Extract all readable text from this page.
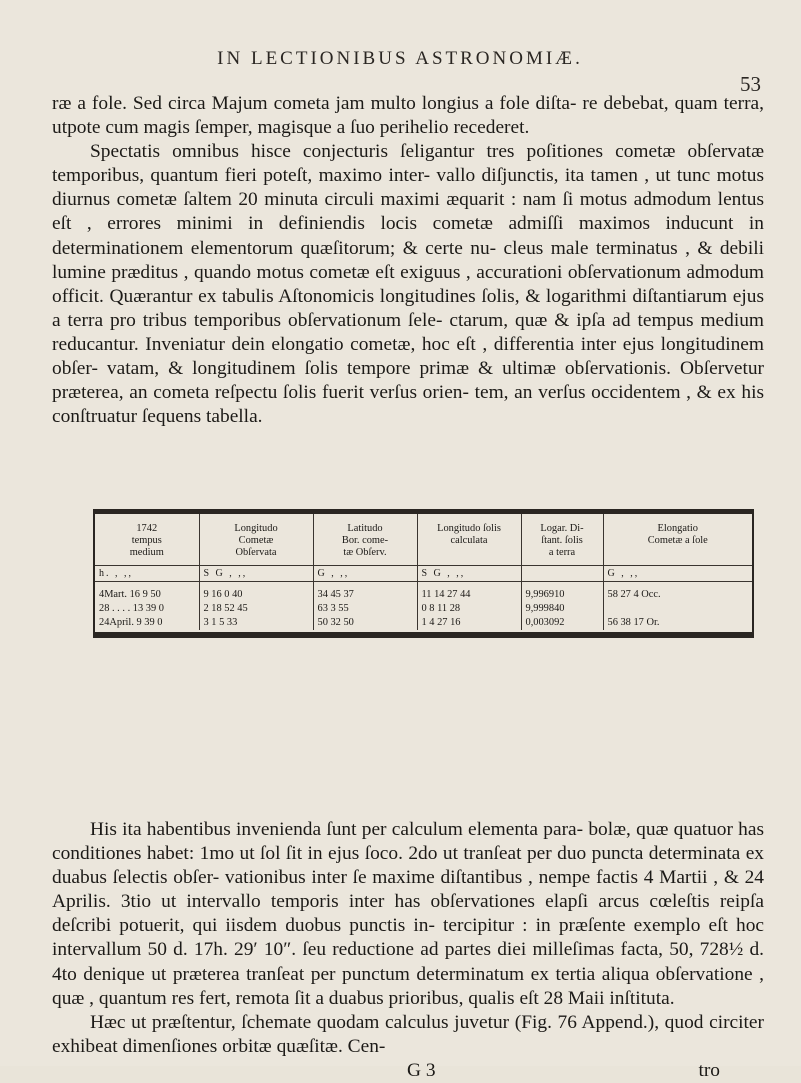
IN LECTIONIBUS ASTRONOMIÆ.
53

ræ a fole. Sed circa Majum cometa jam multo longius a fole diſta- re debebat, quam terra, utpote cum magis ſemper, magisque a ſuo perihelio recederet.

Spectatis omnibus hisce conjecturis ſeligantur tres poſitiones cometæ obſervatæ temporibus, quantum fieri poteſt, maximo inter- vallo diſjunctis, ita tamen , ut tunc motus diurnus cometæ ſaltem 20 minuta circuli maximi æquarit : nam ſi motus admodum lentus eſt , errores minimi in definiendis locis cometæ admiſſi maximos inducunt in determinationem elementorum quæſitorum; & certe nu- cleus male terminatus , & debili lumine præditus , quando motus cometæ eſt exiguus , accurationi obſervationum admodum officit. Quærantur ex tabulis Aſtonomicis longitudines ſolis, & logarithmi diſtantiarum ejus a terra pro tribus temporibus obſervationum ſele- ctarum, quæ & ipſa ad tempus medium reducantur. Inveniatur dein elongatio cometæ, hoc eſt , differentia inter ejus longitudinem obſer- vatam, & longitudinem ſolis tempore primæ & ultimæ obſervationis. Obſervetur præterea, an cometa reſpectu ſolis fuerit verſus orien- tem, an verſus occidentem , & ex his conſtruatur ſequens tabella.

1742
tempus
medium	Longitudo
Cometæ
Obſervata	Latitudo
Bor. come-
tæ Obſerv.	Longitudo ſolis
calculata	Logar. Di-
ſtant. ſolis
a terra	Elongatio
Cometæ a ſole

h. , ,,	S G , ,,	G , ,,	S G , ,,		G , ,,
4Mart. 16 9 50	9 16 0 40	34 45 37	11 14 27 44	9,996910	58 27 4 Occ.
28 . . . . 13 39 0	2 18 52 45	63 3 55	0 8 11 28	9,999840	
24April. 9 39 0	3 1 5 33	50 32 50	1 4 27 16	0,003092	56 38 17 Or.

His ita habentibus inveniendа ſunt per calculum elementa para- bolæ, quæ quatuor has conditiones habet: 1mo ut ſol ſit in ejus ſoco. 2do ut tranſeat per duo puncta determinata ex duabus ſelectis obſer- vationibus inter ſe maxime diſtantibus , nempe factis 4 Martii , & 24 Aprilis. 3tio ut intervallo temporis inter has obſervationes elapſi arcus cœleſtis reipſa deſcribi potuerit, qui iisdem duobus punctis in- tercipitur : in præſente exemplo eſt hoc intervallum 50 d. 17h. 29′ 10″. ſeu reductione ad partes diei milleſimas facta, 50, 728½ d. 4to denique ut præterea tranſeat per punctum determinatum ex tertia aliqua obſervatione , quæ , quantum res fert, remota ſit a duabus prioribus, qualis eſt 28 Maii inſtituta.

Hæc ut præſtentur, ſchemate quodam calculus juvetur (Fig. 76 Append.), quod circiter exhibeat dimenſiones orbitæ quæſitæ. Cen-

G 3	tro
